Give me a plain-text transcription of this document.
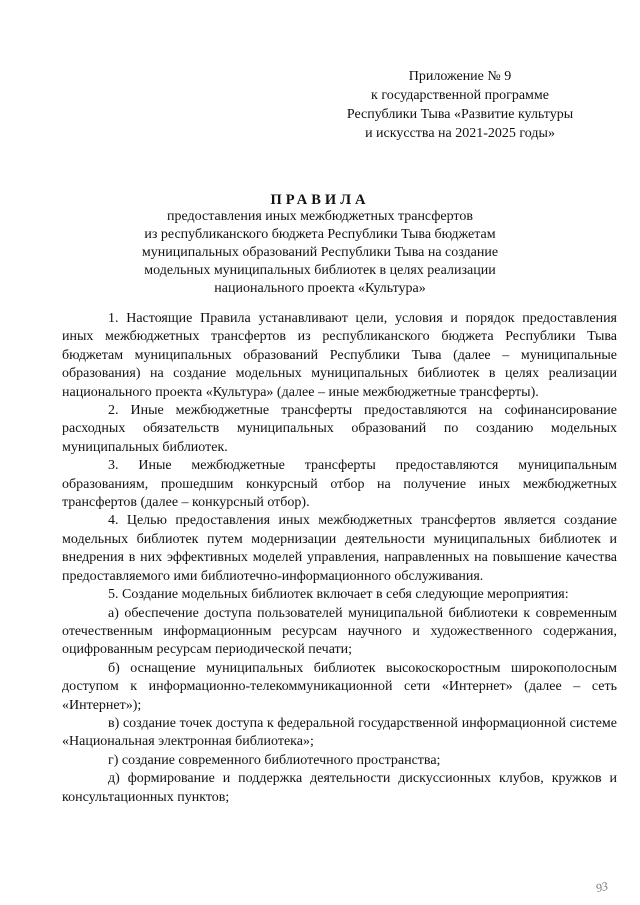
Приложение № 9
к государственной программе
Республики Тыва «Развитие культуры
и искусства на 2021-2025 годы»
ПРАВИЛА
предоставления иных межбюджетных трансфертов
из республиканского бюджета Республики Тыва бюджетам
муниципальных образований Республики Тыва на создание
модельных муниципальных библиотек в целях реализации
национального проекта «Культура»

1. Настоящие Правила устанавливают цели, условия и порядок предоставления иных межбюджетных трансфертов из республиканского бюджета Республики Тыва бюджетам муниципальных образований Республики Тыва (далее – муниципальные образования) на создание модельных муниципальных библиотек в целях реализации национального проекта «Культура» (далее – иные межбюджетные трансферты).

2. Иные межбюджетные трансферты предоставляются на софинансирование расходных обязательств муниципальных образований по созданию модельных муниципальных библиотек.

3. Иные межбюджетные трансферты предоставляются муниципальным образованиям, прошедшим конкурсный отбор на получение иных межбюджетных трансфертов (далее – конкурсный отбор).

4. Целью предоставления иных межбюджетных трансфертов является создание модельных библиотек путем модернизации деятельности муниципальных библиотек и внедрения в них эффективных моделей управления, направленных на повышение качества предоставляемого ими библиотечно-информационного обслуживания.

5. Создание модельных библиотек включает в себя следующие мероприятия:

а) обеспечение доступа пользователей муниципальной библиотеки к современным отечественным информационным ресурсам научного и художественного содержания, оцифрованным ресурсам периодической печати;

б) оснащение муниципальных библиотек высокоскоростным широкополосным доступом к информационно-телекоммуникационной сети «Интернет» (далее – сеть «Интернет»);

в) создание точек доступа к федеральной государственной информационной системе «Национальная электронная библиотека»;

г) создание современного библиотечного пространства;

д) формирование и поддержка деятельности дискуссионных клубов, кружков и консультационных пунктов;

93
